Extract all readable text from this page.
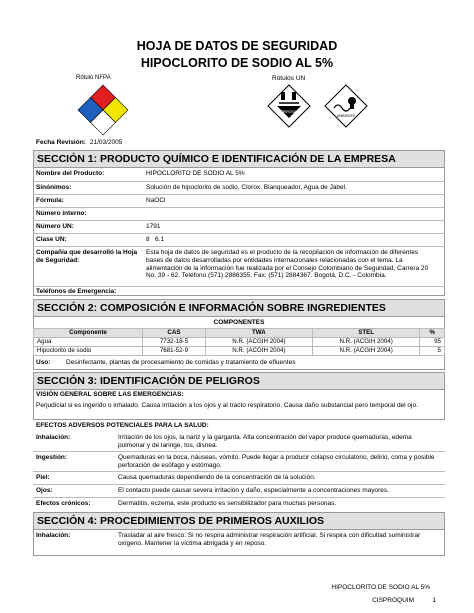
HOJA DE DATOS DE SEGURIDAD
HIPOCLORITO DE SODIO AL 5%
Rótulo NFPA	Rótulos UN
CORROSIVO
8
AMBIENTE
Fecha Revisión: 21/03/2005
SECCIÓN 1: PRODUCTO QUÍMICO E IDENTIFICACIÓN DE LA EMPRESA
Nombre del Producto:	HIPOCLORITO DE SODIO AL 5%
Sinónimos:	Solución de hipoclorito de sodio, Clorox, Blanqueador, Agua de Jabel.
Fórmula:	NaOCl
Número interno:
Número UN:	1791
Clase UN:	8   6.1
Compañía que desarrolló la Hoja de Seguridad:
Esta hoja de datos de seguridad es el producto de la recopilación de información de diferentes bases de datos desarrolladas por entidades internacionales relacionadas con el tema. La alimentación de la información fue realizada por el Consejo Colombiano de Seguridad, Carrera 20 No. 39 - 62. Teléfono (571) 2886355. Fax: (571) 2884367. Bogotá, D.C. - Colombia.
Teléfonos de Emergencia:
SECCIÓN 2: COMPOSICIÓN E INFORMACIÓN SOBRE INGREDIENTES
COMPONENTES
Componente	CAS	TWA	STEL	%
Agua	7732-18-5	N.R. (ACGIH 2004)	N.R. (ACGIH 2004)	95
Hipoclorito de sodio	7681-52-9	N.R. (ACGIH 2004)	N.R. (ACGIH 2004)	5
Uso:	Desinfectante, plantas de procesamiento de comidas y tratamiento de efluentes
SECCIÓN 3: IDENTIFICACIÓN DE PELIGROS
VISIÓN GENERAL SOBRE LAS EMERGENCIAS:
Perjudicial si es ingerido o inhalado. Causa irritación a los ojos y al tracto respiratorio. Causa daño substancial pero temporal del ojo.
EFECTOS ADVERSOS POTENCIALES PARA LA SALUD:
Inhalación:	Irritación de los ojos, la nariz y la garganta. Alta concentración del vapor produce quemaduras, edema pulmonar y de laringe, tos, disnea.
Ingestión:	Quemaduras en la boca, náuseas, vómito. Puede llegar a producir colapso circulatorio, delirio, coma y posible perforación de esófago y estómago.
Piel:	Causa quemaduras dependiendo de la concentración de la solución.
Ojos:	El contacto puede causar severa irritación y daño, especialmente a concentraciones mayores.
Efectos crónicos:	Dermatitis, eczema, este producto es sensibilizador para muchas personas.
SECCIÓN 4: PROCEDIMIENTOS DE PRIMEROS AUXILIOS
Inhalación:	Trasladar al aire fresco. Si no respira administrar respiración artificial. Si respira con dificultad suministrar oxígeno. Mantener la víctima abrigada y en reposo.
HIPOCLORITO DE SODIO AL 5%
CISPROQUIM	1
